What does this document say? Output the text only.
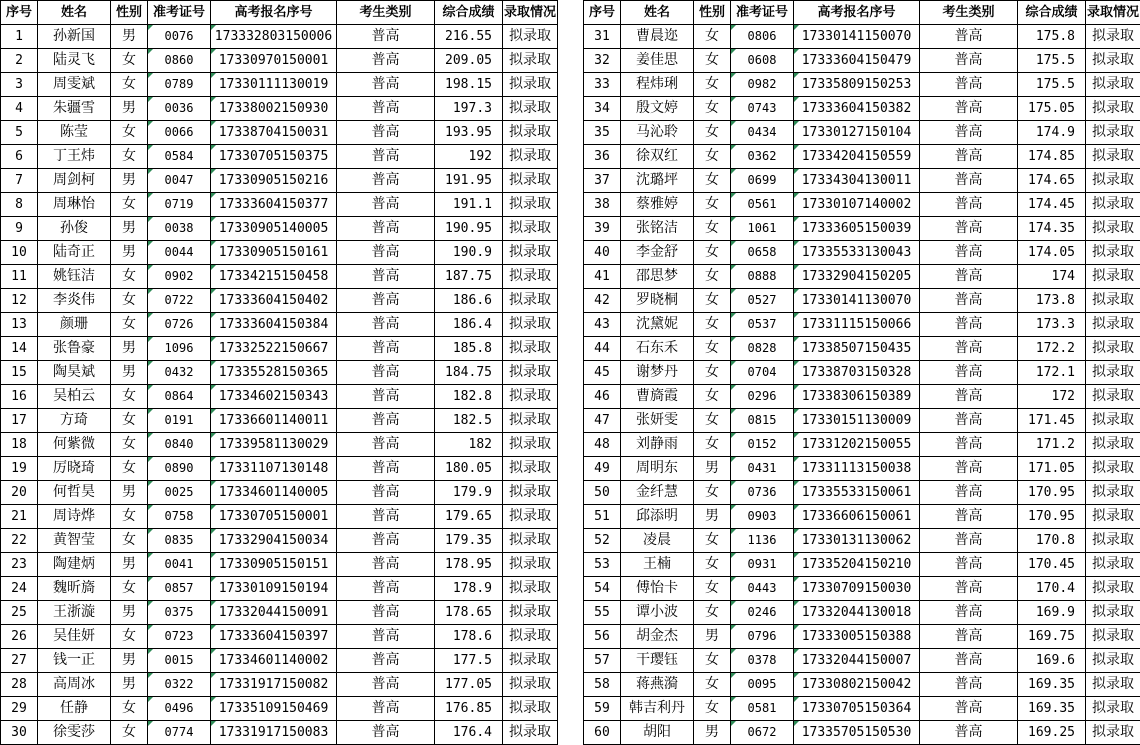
序号	姓名	性别	准考证号	高考报名序号	考生类别	综合成绩	录取情况
1	孙新国	男	0076	173332803150006	普高	216.55	拟录取
2	陆灵飞	女	0860	17330970150001	普高	209.05	拟录取
3	周雯斌	女	0789	17330111130019	普高	198.15	拟录取
4	朱疆雪	男	0036	17338002150930	普高	197.3	拟录取
5	陈莹	女	0066	17338704150031	普高	193.95	拟录取
6	丁王炜	女	0584	17330705150375	普高	192	拟录取
7	周剑柯	男	0047	17330905150216	普高	191.95	拟录取
8	周琳怡	女	0719	17333604150377	普高	191.1	拟录取
9	孙俊	男	0038	17330905140005	普高	190.95	拟录取
10	陆奇正	男	0044	17330905150161	普高	190.9	拟录取
11	姚钰洁	女	0902	17334215150458	普高	187.75	拟录取
12	李炎伟	女	0722	17333604150402	普高	186.6	拟录取
13	颜珊	女	0726	17333604150384	普高	186.4	拟录取
14	张鲁豪	男	1096	17332522150667	普高	185.8	拟录取
15	陶昊斌	男	0432	17335528150365	普高	184.75	拟录取
16	吴柏云	女	0864	17334602150343	普高	182.8	拟录取
17	方琦	女	0191	17336601140011	普高	182.5	拟录取
18	何紫微	女	0840	17339581130029	普高	182	拟录取
19	厉晓琦	女	0890	17331107130148	普高	180.05	拟录取
20	何哲昊	男	0025	17334601140005	普高	179.9	拟录取
21	周诗烨	女	0758	17330705150001	普高	179.65	拟录取
22	黄智莹	女	0835	17332904150034	普高	179.35	拟录取
23	陶建炳	男	0041	17330905150151	普高	178.95	拟录取
24	魏昕旖	女	0857	17330109150194	普高	178.9	拟录取
25	王浙漩	男	0375	17332044150091	普高	178.65	拟录取
26	吴佳妍	女	0723	17333604150397	普高	178.6	拟录取
27	钱一正	男	0015	17334601140002	普高	177.5	拟录取
28	高周冰	男	0322	17331917150082	普高	177.05	拟录取
29	任静	女	0496	17335109150469	普高	176.85	拟录取
30	徐雯莎	女	0774	17331917150083	普高	176.4	拟录取
序号	姓名	性别	准考证号	高考报名序号	考生类别	综合成绩	录取情况
31	曹晨迩	女	0806	17330141150070	普高	175.8	拟录取
32	姜佳思	女	0608	17333604150479	普高	175.5	拟录取
33	程炜琍	女	0982	17335809150253	普高	175.5	拟录取
34	殷文婷	女	0743	17333604150382	普高	175.05	拟录取
35	马沁聆	女	0434	17330127150104	普高	174.9	拟录取
36	徐双红	女	0362	17334204150559	普高	174.85	拟录取
37	沈璐坪	女	0699	17334304130011	普高	174.65	拟录取
38	蔡雅婷	女	0561	17330107140002	普高	174.45	拟录取
39	张铭洁	女	1061	17333605150039	普高	174.35	拟录取
40	李金舒	女	0658	17335533130043	普高	174.05	拟录取
41	邵思梦	女	0888	17332904150205	普高	174	拟录取
42	罗晓桐	女	0527	17330141130070	普高	173.8	拟录取
43	沈黛妮	女	0537	17331115150066	普高	173.3	拟录取
44	石东禾	女	0828	17338507150435	普高	172.2	拟录取
45	谢梦丹	女	0704	17338703150328	普高	172.1	拟录取
46	曹旖霞	女	0296	17338306150389	普高	172	拟录取
47	张妍雯	女	0815	17330151130009	普高	171.45	拟录取
48	刘静雨	女	0152	17331202150055	普高	171.2	拟录取
49	周明东	男	0431	17331113150038	普高	171.05	拟录取
50	金纤慧	女	0736	17335533150061	普高	170.95	拟录取
51	邱添明	男	0903	17336606150061	普高	170.95	拟录取
52	凌晨	女	1136	17330131130062	普高	170.8	拟录取
53	王楠	女	0931	17335204150210	普高	170.45	拟录取
54	傅怡卡	女	0443	17330709150030	普高	170.4	拟录取
55	谭小波	女	0246	17332044130018	普高	169.9	拟录取
56	胡金杰	男	0796	17333005150388	普高	169.75	拟录取
57	干璎钰	女	0378	17332044150007	普高	169.6	拟录取
58	蒋燕漪	女	0095	17330802150042	普高	169.35	拟录取
59	韩吉利丹	女	0581	17330705150364	普高	169.35	拟录取
60	胡阳	男	0672	17335705150530	普高	169.25	拟录取
